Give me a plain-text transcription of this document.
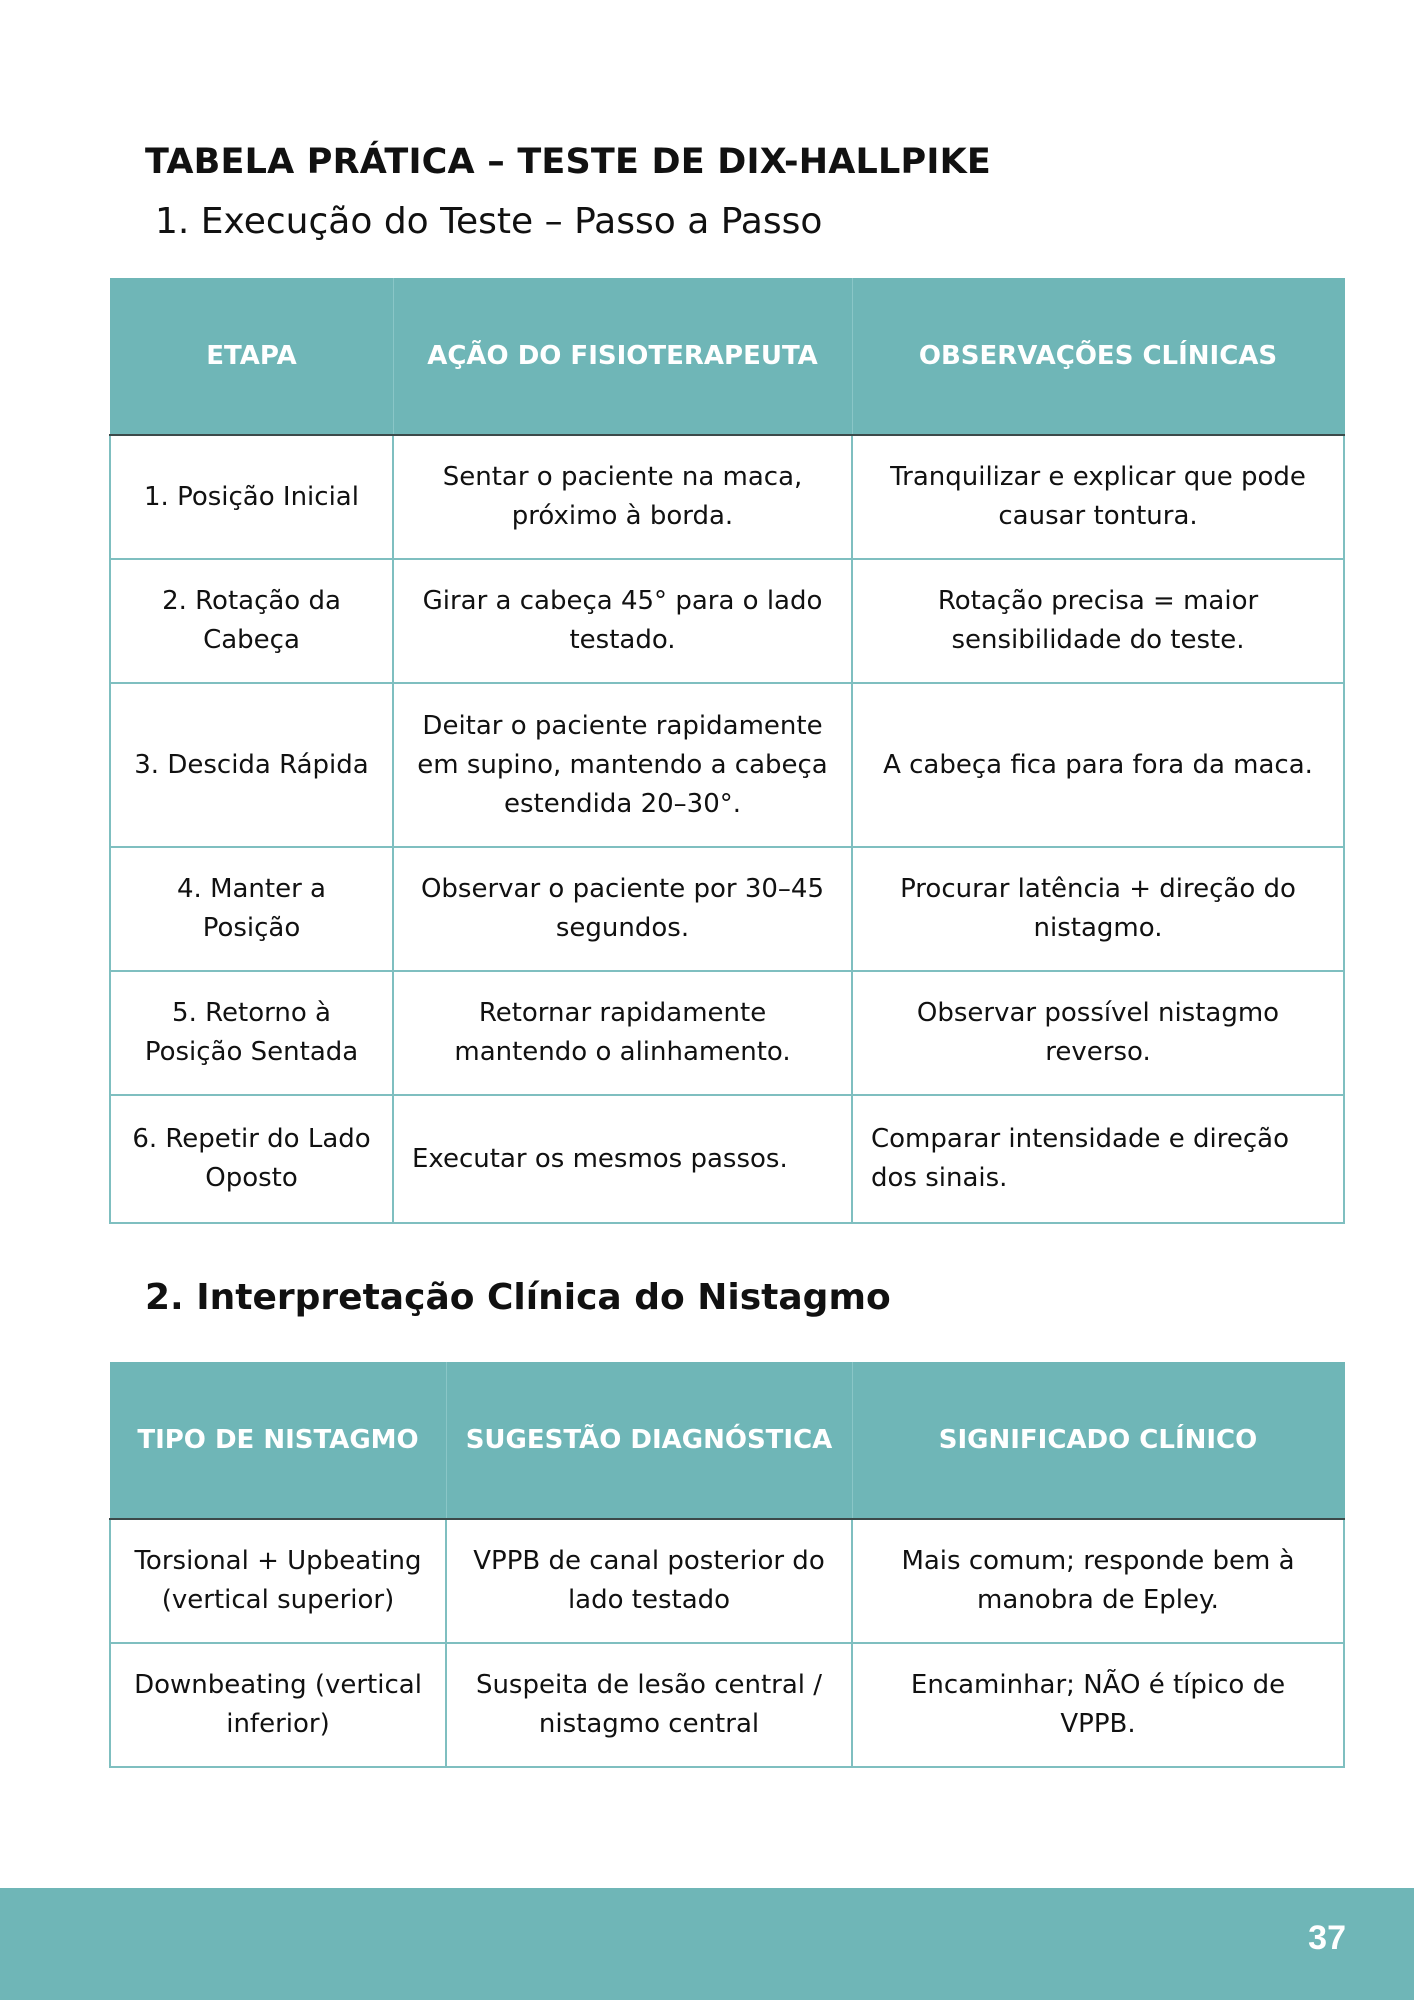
TABELA PRÁTICA – TESTE DE DIX-HALLPIKE
1. Execução do Teste – Passo a Passo
ETAPA	AÇÃO DO FISIOTERAPEUTA	OBSERVAÇÕES CLÍNICAS
1. Posição Inicial	Sentar o paciente na maca, próximo à borda.	Tranquilizar e explicar que pode causar tontura.
2. Rotação da Cabeça	Girar a cabeça 45° para o lado testado.	Rotação precisa = maior sensibilidade do teste.
3. Descida Rápida	Deitar o paciente rapidamente em supino, mantendo a cabeça estendida 20–30°.	A cabeça fica para fora da maca.
4. Manter a Posição	Observar o paciente por 30–45 segundos.	Procurar latência + direção do nistagmo.
5. Retorno à Posição Sentada	Retornar rapidamente mantendo o alinhamento.	Observar possível nistagmo reverso.
6. Repetir do Lado Oposto	Executar os mesmos passos.	Comparar intensidade e direção dos sinais.
2. Interpretação Clínica do Nistagmo
TIPO DE NISTAGMO	SUGESTÃO DIAGNÓSTICA	SIGNIFICADO CLÍNICO
Torsional + Upbeating (vertical superior)	VPPB de canal posterior do lado testado	Mais comum; responde bem à manobra de Epley.
Downbeating (vertical inferior)	Suspeita de lesão central / nistagmo central	Encaminhar; NÃO é típico de VPPB.
37
